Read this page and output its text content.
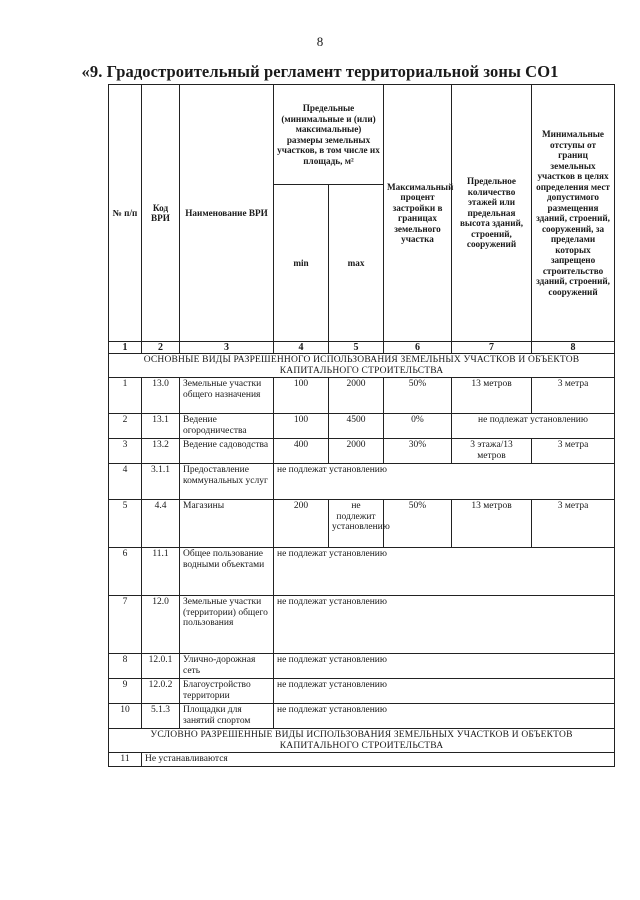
8
«9. Градостроительный регламент территориальной зоны СО1
№ п/п	Код ВРИ	Наименование ВРИ	Предельные (минимальные и (или) максимальные) размеры земельных участков, в том числе их площадь, м²		Максимальный процент застройки в границах земельного участка	Предельное количество этажей или предельная высота зданий, строений, сооружений	Минимальные отступы от границ земельных участков в целях определения мест допустимого размещения зданий, строений, сооружений, за пределами которых запрещено строительство зданий, строений, сооружений
			min	max			
1	2	3	4	5	6	7	8
ОСНОВНЫЕ ВИДЫ РАЗРЕШЕННОГО ИСПОЛЬЗОВАНИЯ ЗЕМЕЛЬНЫХ УЧАСТКОВ И ОБЪЕКТОВ КАПИТАЛЬНОГО СТРОИТЕЛЬСТВА							
1	13.0	Земельные участки общего назначения	100	2000	50%	13 метров	3 метра
2	13.1	Ведение огородничества	100	4500	0%	не подлежат установлению	
3	13.2	Ведение садоводства	400	2000	30%	3 этажа/13 метров	3 метра
4	3.1.1	Предоставление коммунальных услуг	не подлежат установлению				
5	4.4	Магазины	200	не подлежит установлению	50%	13 метров	3 метра
6	11.1	Общее пользование водными объектами	не подлежат установлению				
7	12.0	Земельные участки (территории) общего пользования	не подлежат установлению				
8	12.0.1	Улично-дорожная сеть	не подлежат установлению				
9	12.0.2	Благоустройство территории	не подлежат установлению				
10	5.1.3	Площадки для занятий спортом	не подлежат установлению				
УСЛОВНО РАЗРЕШЕННЫЕ ВИДЫ ИСПОЛЬЗОВАНИЯ ЗЕМЕЛЬНЫХ УЧАСТКОВ И ОБЪЕКТОВ КАПИТАЛЬНОГО СТРОИТЕЛЬСТВА							
11	Не устанавливаются						
